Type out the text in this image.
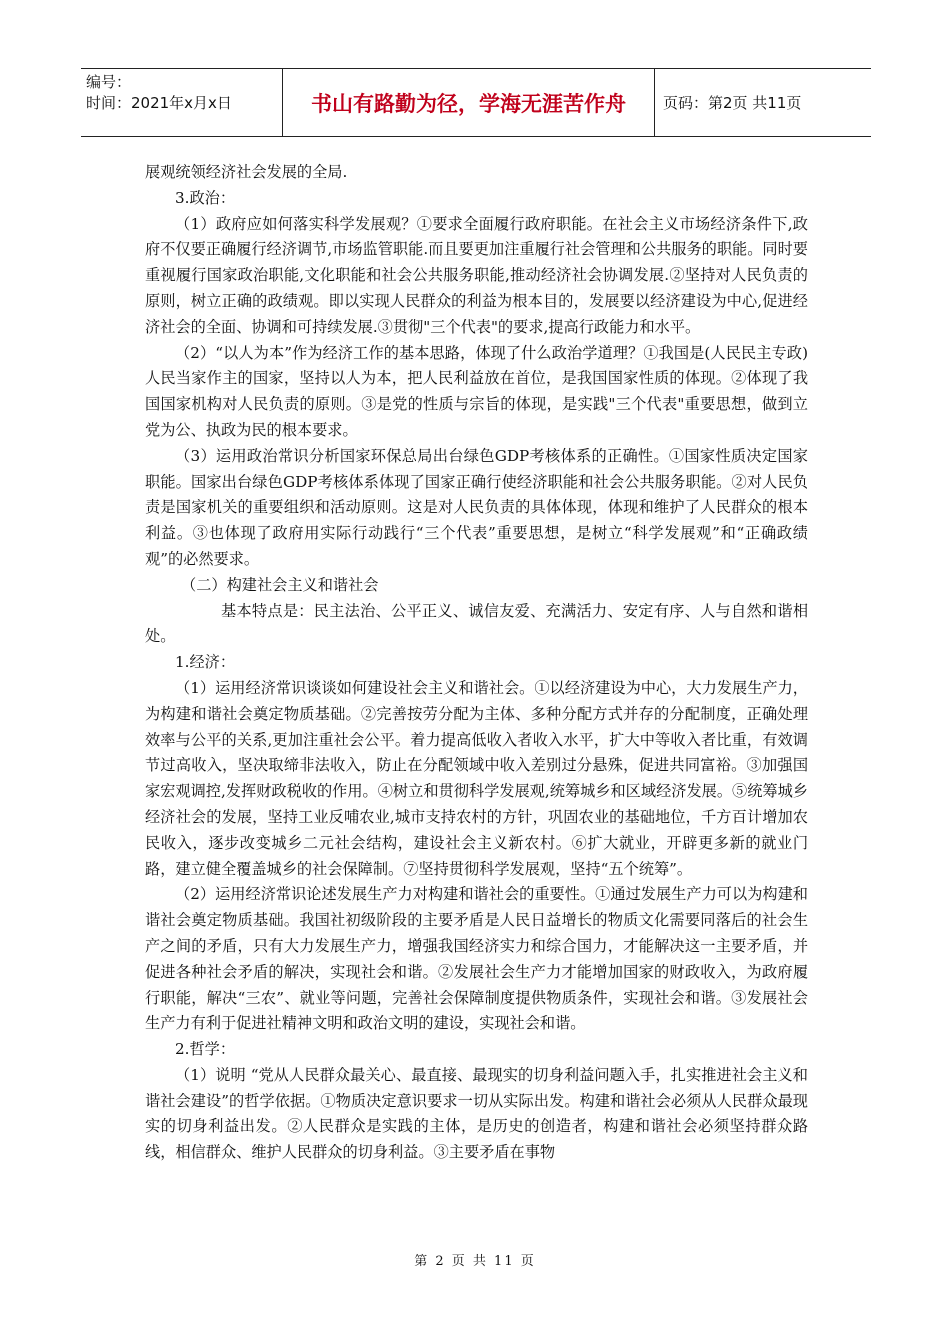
编号：
时间：2021年x月x日	书山有路勤为径，学海无涯苦作舟	页码：第2页 共11页

展观统领经济社会发展的全局.

3.政治：

（1）政府应如何落实科学发展观？①要求全面履行政府职能。在社会主义市场经济条件下,政府不仅要正确履行经济调节,市场监管职能.而且要更加注重履行社会管理和公共服务的职能。同时要重视履行国家政治职能,文化职能和社会公共服务职能,推动经济社会协调发展.②坚持对人民负责的原则，树立正确的政绩观。即以实现人民群众的利益为根本目的，发展要以经济建设为中心,促进经济社会的全面、协调和可持续发展.③贯彻"三个代表"的要求,提高行政能力和水平。

（2）“以人为本”作为经济工作的基本思路，体现了什么政治学道理？①我国是(人民民主专政)人民当家作主的国家，坚持以人为本，把人民利益放在首位，是我国国家性质的体现。②体现了我国国家机构对人民负责的原则。③是党的性质与宗旨的体现，是实践"三个代表"重要思想，做到立党为公、执政为民的根本要求。

（3）运用政治常识分析国家环保总局出台绿色GDP考核体系的正确性。①国家性质决定国家职能。国家出台绿色GDP考核体系体现了国家正确行使经济职能和社会公共服务职能。②对人民负责是国家机关的重要组织和活动原则。这是对人民负责的具体体现，体现和维护了人民群众的根本利益。③也体现了政府用实际行动践行“三个代表”重要思想，是树立“科学发展观”和“正确政绩观”的必然要求。

（二）构建社会主义和谐社会

基本特点是：民主法治、公平正义、诚信友爱、充满活力、安定有序、人与自然和谐相处。

1.经济：

（1）运用经济常识谈谈如何建设社会主义和谐社会。①以经济建设为中心，大力发展生产力，为构建和谐社会奠定物质基础。②完善按劳分配为主体、多种分配方式并存的分配制度，正确处理效率与公平的关系,更加注重社会公平。着力提高低收入者收入水平，扩大中等收入者比重，有效调节过高收入，坚决取缔非法收入，防止在分配领域中收入差别过分悬殊，促进共同富裕。③加强国家宏观调控,发挥财政税收的作用。④树立和贯彻科学发展观,统筹城乡和区域经济发展。⑤统筹城乡经济社会的发展，坚持工业反哺农业,城市支持农村的方针，巩固农业的基础地位，千方百计增加农民收入，逐步改变城乡二元社会结构，建设社会主义新农村。⑥扩大就业，开辟更多新的就业门路，建立健全覆盖城乡的社会保障制。⑦坚持贯彻科学发展观，坚持“五个统筹”。

（2）运用经济常识论述发展生产力对构建和谐社会的重要性。①通过发展生产力可以为构建和谐社会奠定物质基础。我国社初级阶段的主要矛盾是人民日益增长的物质文化需要同落后的社会生产之间的矛盾，只有大力发展生产力，增强我国经济实力和综合国力，才能解决这一主要矛盾，并促进各种社会矛盾的解决，实现社会和谐。②发展社会生产力才能增加国家的财政收入，为政府履行职能，解决“三农”、就业等问题，完善社会保障制度提供物质条件，实现社会和谐。③发展社会生产力有利于促进社精神文明和政治文明的建设，实现社会和谐。

2.哲学：

（1）说明 “党从人民群众最关心、最直接、最现实的切身利益问题入手，扎实推进社会主义和谐社会建设”的哲学依据。①物质决定意识要求一切从实际出发。构建和谐社会必须从人民群众最现实的切身利益出发。②人民群众是实践的主体，是历史的创造者，构建和谐社会必须坚持群众路线，相信群众、维护人民群众的切身利益。③主要矛盾在事物

第 2 页 共 11 页
